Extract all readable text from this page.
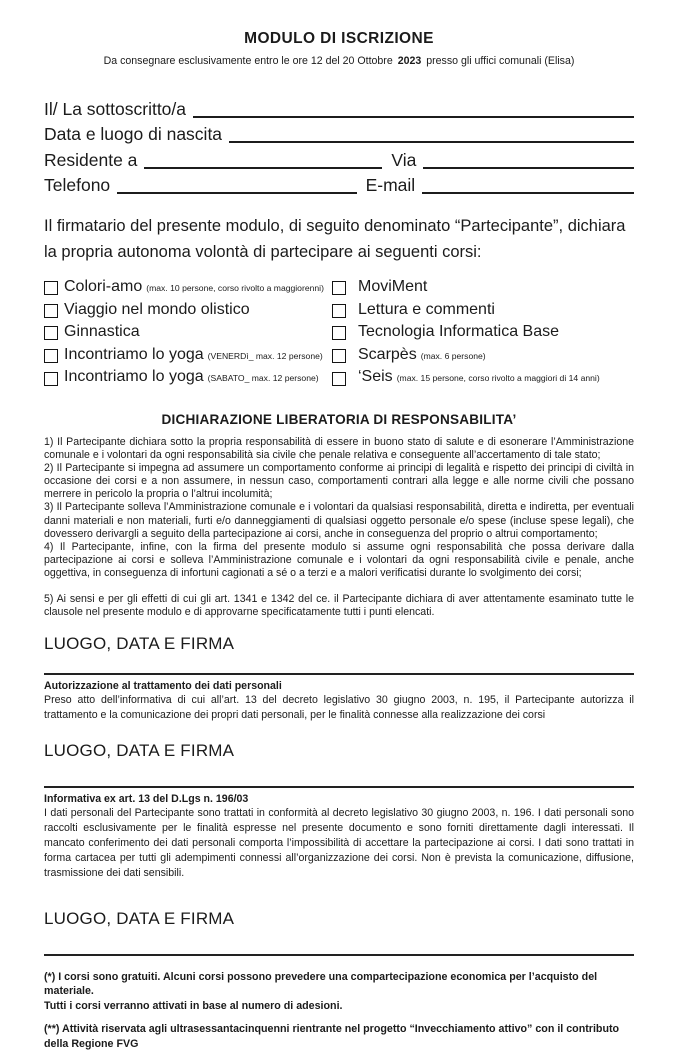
MODULO DI ISCRIZIONE
Da consegnare esclusivamente entro le ore 12 del 20 Ottobre 2023 presso gli uffici comunali (Elisa)
Il/ La sottoscritto/a
Data e luogo di nascita
Residente a	Via
Telefono	E-mail
Il firmatario del presente modulo, di seguito denominato “Partecipante”, dichiara la propria autonoma volontà di partecipare ai seguenti corsi:
Colori-amo (max. 10 persone, corso rivolto a maggiorenni)
Viaggio nel mondo olistico
Ginnastica
Incontriamo lo yoga (VENERDì_ max. 12 persone)
Incontriamo lo yoga (SABATO_ max. 12 persone)
MoviMent
Lettura e commenti
Tecnologia Informatica Base
Scarpès (max. 6 persone)
‘Seis (max. 15 persone, corso rivolto a maggiori di 14 anni)
DICHIARAZIONE LIBERATORIA DI RESPONSABILITA’

1) Il Partecipante dichiara sotto la propria responsabilità di essere in buono stato di salute e di esonerare l’Amministrazione comunale e i volontari da ogni responsabilità sia civile che penale relativa e conseguente all’accertamento di tale stato;

2) Il Partecipante si impegna ad assumere un comportamento conforme ai principi di legalità e rispetto dei principi di civiltà in occasione dei corsi e a non assumere, in nessun caso, comportamenti contrari alla legge e alle norme civili che possano merrere in pericolo la propria o l’altrui incolumità;

3) Il Partecipante solleva l’Amministrazione comunale e i volontari da qualsiasi responsabilità, diretta e indiretta, per eventuali danni materiali e non materiali, furti e/o danneggiamenti di qualsiasi oggetto personale e/o spese (incluse spese legali), che dovessero derivargli a seguito della partecipazione ai corsi, anche in conseguenza del proprio o altrui comportamento;

4) Il Partecipante, infine, con la firma del presente modulo si assume ogni responsabilità che possa derivare dalla partecipazione ai corsi e solleva l’Amministrazione comunale e i volontari da ogni responsabilità civile e penale, anche oggettiva, in conseguenza di infortuni cagionati a sé o a terzi e a malori verificatisi durante lo svolgimento dei corsi;

5) Ai sensi e per gli effetti di cui gli art. 1341 e 1342 del ce. il Partecipante dichiara di aver attentamente esaminato tutte le clausole nel presente modulo e di approvarne specificatamente tutti i punti elencati.

LUOGO, DATA E FIRMA
Autorizzazione al trattamento dei dati personali
Preso atto dell’informativa di cui all’art. 13 del decreto legislativo 30 giugno 2003, n. 195, il Partecipante autorizza il trattamento e la comunicazione dei propri dati personali, per le finalità connesse alla realizzazione dei corsi
LUOGO, DATA E FIRMA
Informativa ex art. 13 del D.Lgs n. 196/03
I dati personali del Partecipante sono trattati in conformità al decreto legislativo 30 giugno 2003, n. 196. I dati personali sono raccolti esclusivamente per le finalità espresse nel presente documento e sono forniti direttamente dagli interessati. Il mancato conferimento dei dati personali comporta l’impossibilità di accettare la partecipazione ai corsi. I dati sono trattati in forma cartacea per tutti gli adempimenti connessi all’organizzazione dei corsi. Non è prevista la comunicazione, diffusione, trasmissione dei dati sensibili.
LUOGO, DATA E FIRMA
(*) I corsi sono gratuiti. Alcuni corsi possono prevedere una compartecipazione economica per l’acquisto del materiale.
Tutti i corsi verranno attivati in base al numero di adesioni.
(**) Attività riservata agli ultrasessantacinquenni rientrante nel progetto “Invecchiamento attivo” con il contributo della Regione FVG
